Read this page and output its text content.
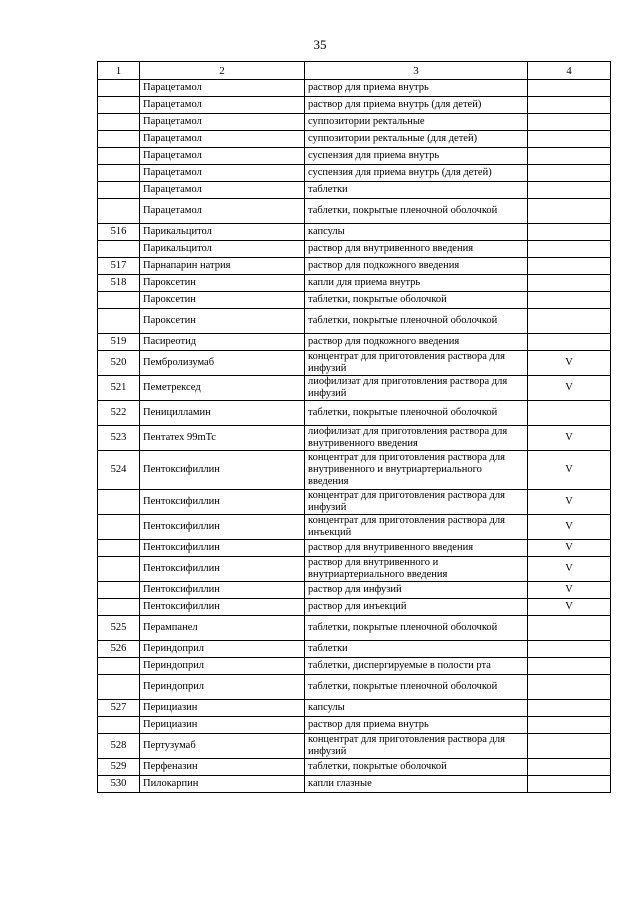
35
1	2	3	4
	Парацетамол	раствор для приема внутрь	
	Парацетамол	раствор для приема внутрь (для детей)	
	Парацетамол	суппозитории ректальные	
	Парацетамол	суппозитории ректальные (для детей)	
	Парацетамол	суспензия для приема внутрь	
	Парацетамол	суспензия для приема внутрь (для детей)	
	Парацетамол	таблетки	
	Парацетамол	таблетки, покрытые пленочной оболочкой	
516	Парикальцитол	капсулы	
	Парикальцитол	раствор для внутривенного введения	
517	Парнапарин натрия	раствор для подкожного введения	
518	Пароксетин	капли для приема внутрь	
	Пароксетин	таблетки, покрытые оболочкой	
	Пароксетин	таблетки, покрытые пленочной оболочкой	
519	Пасиреотид	раствор для подкожного введения	
520	Пембролизумаб	концентрат для приготовления раствора для инфузий	V
521	Пеметрексед	лиофилизат для приготовления раствора для инфузий	V
522	Пеницилламин	таблетки, покрытые пленочной оболочкой	
523	Пентатех 99mTc	лиофилизат для приготовления раствора для внутривенного введения	V
524	Пентоксифиллин	концентрат для приготовления раствора для внутривенного и внутриартериального введения	V
	Пентоксифиллин	концентрат для приготовления раствора для инфузий	V
	Пентоксифиллин	концентрат для приготовления раствора для инъекций	V
	Пентоксифиллин	раствор для внутривенного введения	V
	Пентоксифиллин	раствор для внутривенного и внутриартериального введения	V
	Пентоксифиллин	раствор для инфузий	V
	Пентоксифиллин	раствор для инъекций	V
525	Перампанел	таблетки, покрытые пленочной оболочкой	
526	Периндоприл	таблетки	
	Периндоприл	таблетки, диспергируемые в полости рта	
	Периндоприл	таблетки, покрытые пленочной оболочкой	
527	Перициазин	капсулы	
	Перициазин	раствор для приема внутрь	
528	Пертузумаб	концентрат для приготовления раствора для инфузий	
529	Перфеназин	таблетки, покрытые оболочкой	
530	Пилокарпин	капли глазные	
